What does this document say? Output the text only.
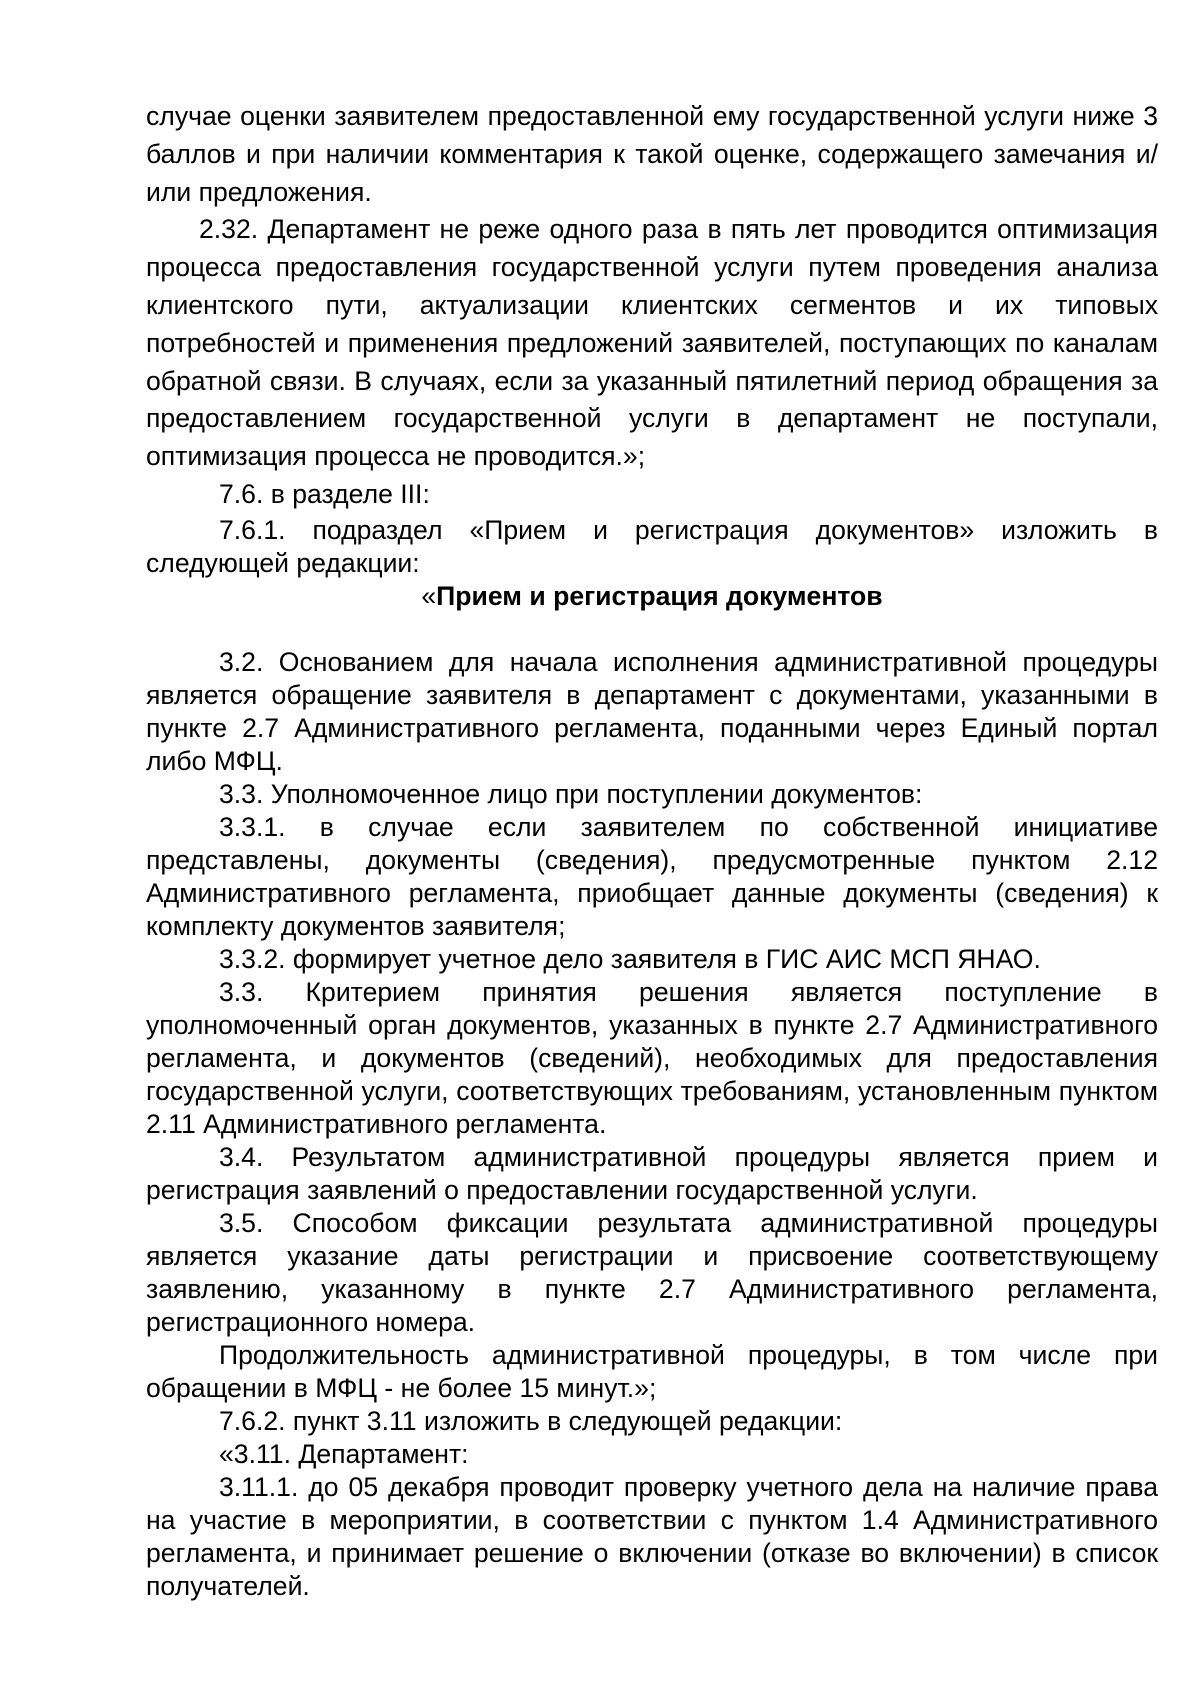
случае оценки заявителем предоставленной ему государственной услуги ниже 3 баллов и при наличии комментария к такой оценке, содержащего замечания и/или предложения.

2.32. Департамент не реже одного раза в пять лет проводится оптимизация процесса предоставления государственной услуги путем проведения анализа клиентского пути, актуализации клиентских сегментов и их типовых потребностей и применения предложений заявителей, поступающих по каналам обратной связи. В случаях, если за указанный пятилетний период обращения за предоставлением государственной услуги в департамент не поступали, оптимизация процесса не проводится.»;

7.6. в разделе III:

7.6.1. подраздел «Прием и регистрация документов» изложить в следующей редакции:

«Прием и регистрация документов

3.2. Основанием для начала исполнения административной процедуры является обращение заявителя в департамент с документами, указанными в пункте 2.7 Административного регламента, поданными через Единый портал либо МФЦ.

3.3. Уполномоченное лицо при поступлении документов:

3.3.1. в случае если заявителем по собственной инициативе представлены, документы (сведения), предусмотренные пунктом 2.12 Административного регламента, приобщает данные документы (сведения) к комплекту документов заявителя;

3.3.2. формирует учетное дело заявителя в ГИС АИС МСП ЯНАО.

3.3. Критерием принятия решения является поступление в уполномоченный орган документов, указанных в пункте 2.7 Административного регламента, и документов (сведений), необходимых для предоставления государственной услуги, соответствующих требованиям, установленным пунктом 2.11 Административного регламента.

3.4. Результатом административной процедуры является прием и регистрация заявлений о предоставлении государственной услуги.

3.5. Способом фиксации результата административной процедуры является указание даты регистрации и присвоение соответствующему заявлению, указанному в пункте 2.7 Административного регламента, регистрационного номера.

Продолжительность административной процедуры, в том числе при обращении в МФЦ - не более 15 минут.»;

7.6.2. пункт 3.11 изложить в следующей редакции:

«3.11. Департамент:

3.11.1. до 05 декабря проводит проверку учетного дела на наличие права на участие в мероприятии, в соответствии с пунктом 1.4 Административного регламента, и принимает решение о включении (отказе во включении) в список получателей.
